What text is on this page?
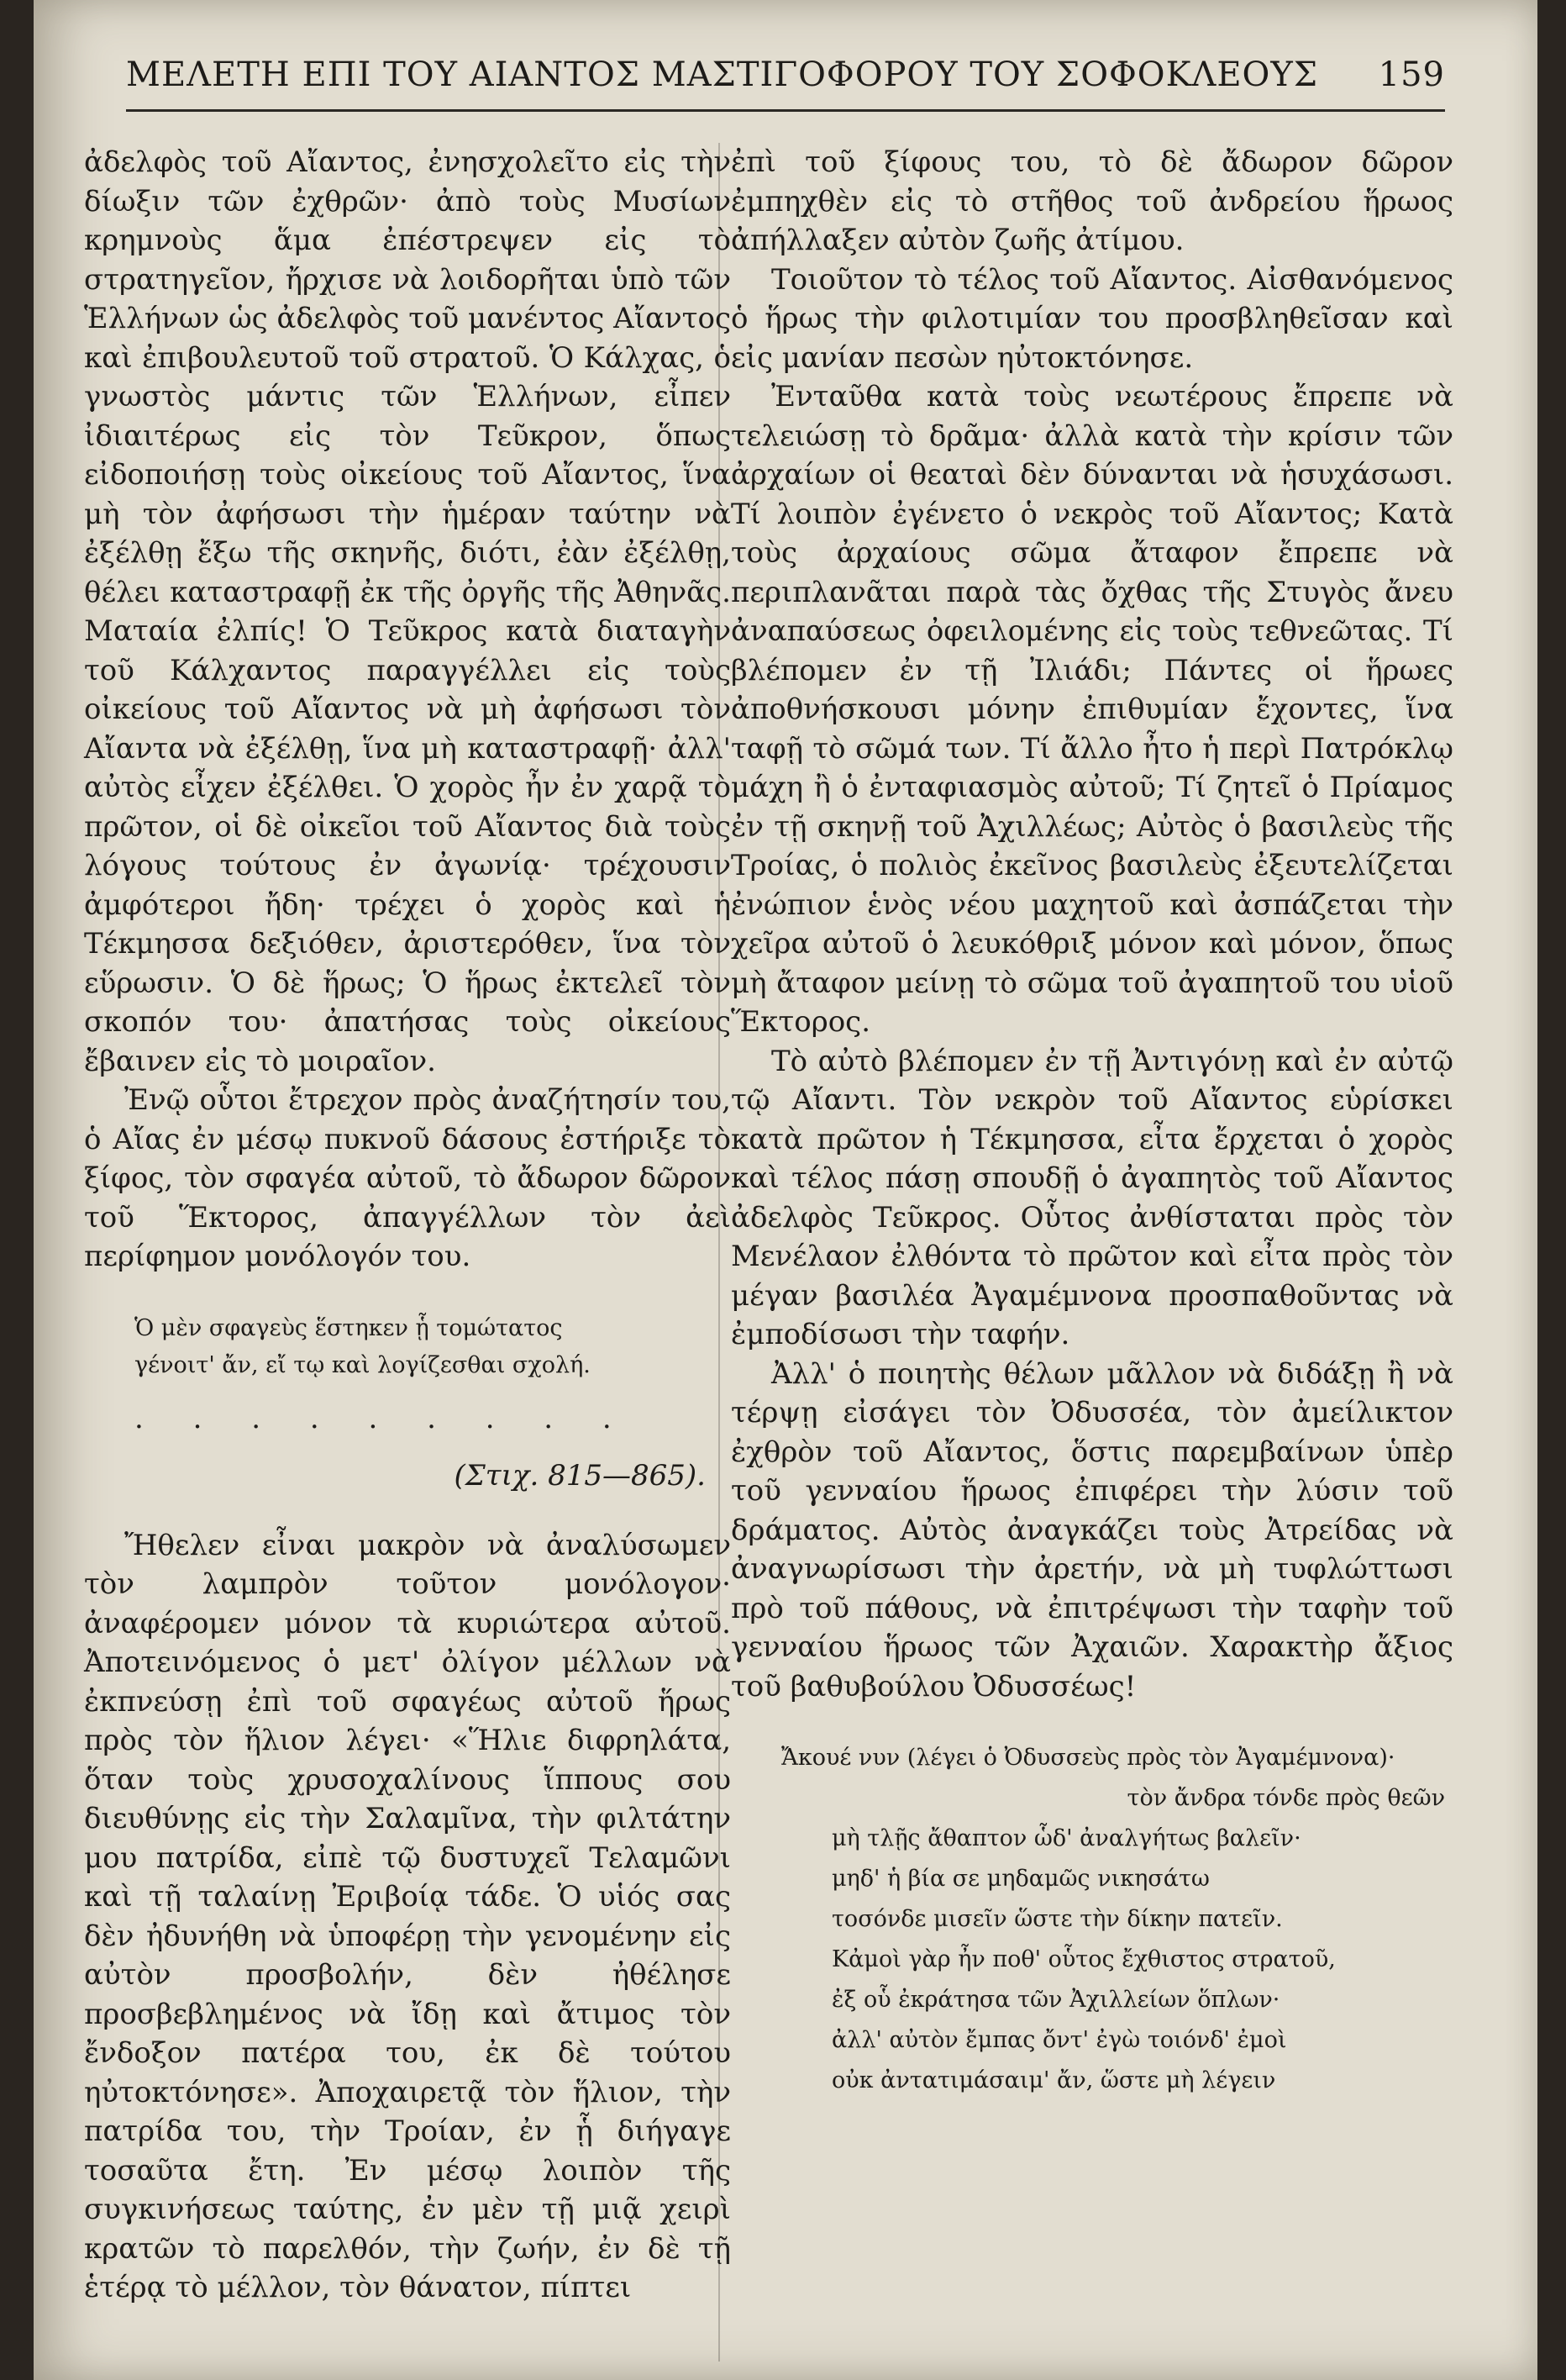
ΜΕΛΕΤΗ ΕΠΙ ΤΟΥ ΑΙΑΝΤΟΣ ΜΑΣΤΙΓΟΦΟΡΟΥ ΤΟΥ ΣΟΦΟΚΛΕΟΥΣ 159

ἀδελφὸς τοῦ Αἴαντος, ἐνησχολεῖτο εἰς τὴν δίωξιν τῶν ἐχθρῶν· ἀπὸ τοὺς Μυσίων κρημνοὺς ἅμα ἐπέστρεψεν εἰς τὸ στρατηγεῖον, ἤρχισε νὰ λοιδορῆται ὑπὸ τῶν Ἑλλήνων ὡς ἀδελφὸς τοῦ μανέντος Αἴαντος καὶ ἐπιβουλευτοῦ τοῦ στρατοῦ. Ὁ Κάλχας, ὁ γνωστὸς μάντις τῶν Ἑλλήνων, εἶπεν ἰδιαιτέρως εἰς τὸν Τεῦκρον, ὅπως εἰδοποιήσῃ τοὺς οἰκείους τοῦ Αἴαντος, ἵνα μὴ τὸν ἀφήσωσι τὴν ἡμέραν ταύτην νὰ ἐξέλθῃ ἔξω τῆς σκηνῆς, διότι, ἐὰν ἐξέλθῃ, θέλει καταστραφῇ ἐκ τῆς ὀργῆς τῆς Ἀθηνᾶς. Ματαία ἐλπίς! Ὁ Τεῦκρος κατὰ διαταγὴν τοῦ Κάλχαντος παραγγέλλει εἰς τοὺς οἰκείους τοῦ Αἴαντος νὰ μὴ ἀφήσωσι τὸν Αἴαντα νὰ ἐξέλθῃ, ἵνα μὴ καταστραφῇ· ἀλλ' αὐτὸς εἶχεν ἐξέλθει. Ὁ χορὸς ἦν ἐν χαρᾷ τὸ πρῶτον, οἱ δὲ οἰκεῖοι τοῦ Αἴαντος διὰ τοὺς λόγους τούτους ἐν ἀγωνίᾳ· τρέχουσιν ἀμφότεροι ἤδη· τρέχει ὁ χορὸς καὶ ἡ Τέκμησσα δεξιόθεν, ἀριστερόθεν, ἵνα τὸν εὕρωσιν. Ὁ δὲ ἥρως; Ὁ ἥρως ἐκτελεῖ τὸν σκοπόν του· ἀπατήσας τοὺς οἰκείους ἔβαινεν εἰς τὸ μοιραῖον.

Ἐνῷ οὗτοι ἔτρεχον πρὸς ἀναζήτησίν του, ὁ Αἴας ἐν μέσῳ πυκνοῦ δάσους ἐστήριξε τὸ ξίφος, τὸν σφαγέα αὐτοῦ, τὸ ἄδωρον δῶρον τοῦ Ἕκτορος, ἀπαγγέλλων τὸν ἀεὶ περίφημον μονόλογόν του.

Ὁ μὲν σφαγεὺς ἕστηκεν ᾗ τομώτατος
γένοιτ' ἄν, εἴ τῳ καὶ λογίζεσθαι σχολή.
. . . . . . . . .
(Στιχ. 815—865).

Ἤθελεν εἶναι μακρὸν νὰ ἀναλύσωμεν τὸν λαμπρὸν τοῦτον μονόλογον· ἀναφέρομεν μόνον τὰ κυριώτερα αὐτοῦ. Ἀποτεινόμενος ὁ μετ' ὀλίγον μέλλων νὰ ἐκπνεύσῃ ἐπὶ τοῦ σφαγέως αὐτοῦ ἥρως πρὸς τὸν ἥλιον λέγει· «Ἥλιε διφρηλάτα, ὅταν τοὺς χρυσοχαλίνους ἵππους σου διευθύνῃς εἰς τὴν Σαλαμῖνα, τὴν φιλτάτην μου πατρίδα, εἰπὲ τῷ δυστυχεῖ Τελαμῶνι καὶ τῇ ταλαίνῃ Ἐριβοίᾳ τάδε. Ὁ υἱός σας δὲν ἠδυνήθη νὰ ὑποφέρῃ τὴν γενομένην εἰς αὐτὸν προσβολήν, δὲν ἠθέλησε προσβεβλημένος νὰ ἴδῃ καὶ ἄτιμος τὸν ἔνδοξον πατέρα του, ἐκ δὲ τούτου ηὐτοκτόνησε». Ἀποχαιρετᾷ τὸν ἥλιον, τὴν πατρίδα του, τὴν Τροίαν, ἐν ᾗ διήγαγε τοσαῦτα ἔτη. Ἐν μέσῳ λοιπὸν τῆς συγκινήσεως ταύτης, ἐν μὲν τῇ μιᾷ χειρὶ κρατῶν τὸ παρελθόν, τὴν ζωήν, ἐν δὲ τῇ ἑτέρᾳ τὸ μέλλον, τὸν θάνατον, πίπτει

ἐπὶ τοῦ ξίφους του, τὸ δὲ ἄδωρον δῶρον ἐμπηχθὲν εἰς τὸ στῆθος τοῦ ἀνδρείου ἥρωος ἀπήλλαξεν αὐτὸν ζωῆς ἀτίμου.

Τοιοῦτον τὸ τέλος τοῦ Αἴαντος. Αἰσθανόμενος ὁ ἥρως τὴν φιλοτιμίαν του προσβληθεῖσαν καὶ εἰς μανίαν πεσὼν ηὐτοκτόνησε.

Ἐνταῦθα κατὰ τοὺς νεωτέρους ἔπρεπε νὰ τελειώσῃ τὸ δρᾶμα· ἀλλὰ κατὰ τὴν κρίσιν τῶν ἀρχαίων οἱ θεαταὶ δὲν δύνανται νὰ ἡσυχάσωσι. Τί λοιπὸν ἐγένετο ὁ νεκρὸς τοῦ Αἴαντος; Κατὰ τοὺς ἀρχαίους σῶμα ἄταφον ἔπρεπε νὰ περιπλανᾶται παρὰ τὰς ὄχθας τῆς Στυγὸς ἄνευ ἀναπαύσεως ὀφειλομένης εἰς τοὺς τεθνεῶτας. Τί βλέπομεν ἐν τῇ Ἰλιάδι; Πάντες οἱ ἥρωες ἀποθνήσκουσι μόνην ἐπιθυμίαν ἔχοντες, ἵνα ταφῇ τὸ σῶμά των. Τί ἄλλο ἦτο ἡ περὶ Πατρόκλῳ μάχη ἢ ὁ ἐνταφιασμὸς αὐτοῦ; Τί ζητεῖ ὁ Πρίαμος ἐν τῇ σκηνῇ τοῦ Ἀχιλλέως; Αὐτὸς ὁ βασιλεὺς τῆς Τροίας, ὁ πολιὸς ἐκεῖνος βασιλεὺς ἐξευτελίζεται ἐνώπιον ἑνὸς νέου μαχητοῦ καὶ ἀσπάζεται τὴν χεῖρα αὐτοῦ ὁ λευκόθριξ μόνον καὶ μόνον, ὅπως μὴ ἄταφον μείνῃ τὸ σῶμα τοῦ ἀγαπητοῦ του υἱοῦ Ἕκτορος.

Τὸ αὐτὸ βλέπομεν ἐν τῇ Ἀντιγόνῃ καὶ ἐν αὐτῷ τῷ Αἴαντι. Τὸν νεκρὸν τοῦ Αἴαντος εὑρίσκει κατὰ πρῶτον ἡ Τέκμησσα, εἶτα ἔρχεται ὁ χορὸς καὶ τέλος πάσῃ σπουδῇ ὁ ἀγαπητὸς τοῦ Αἴαντος ἀδελφὸς Τεῦκρος. Οὗτος ἀνθίσταται πρὸς τὸν Μενέλαον ἐλθόντα τὸ πρῶτον καὶ εἶτα πρὸς τὸν μέγαν βασιλέα Ἀγαμέμνονα προσπαθοῦντας νὰ ἐμποδίσωσι τὴν ταφήν.

Ἀλλ' ὁ ποιητὴς θέλων μᾶλλον νὰ διδάξῃ ἢ νὰ τέρψῃ εἰσάγει τὸν Ὀδυσσέα, τὸν ἀμείλικτον ἐχθρὸν τοῦ Αἴαντος, ὅστις παρεμβαίνων ὑπὲρ τοῦ γενναίου ἥρωος ἐπιφέρει τὴν λύσιν τοῦ δράματος. Αὐτὸς ἀναγκάζει τοὺς Ἀτρείδας νὰ ἀναγνωρίσωσι τὴν ἀρετήν, νὰ μὴ τυφλώττωσι πρὸ τοῦ πάθους, νὰ ἐπιτρέψωσι τὴν ταφὴν τοῦ γενναίου ἥρωος τῶν Ἀχαιῶν. Χαρακτὴρ ἄξιος τοῦ βαθυβούλου Ὀδυσσέως!

Ἄκουέ νυν (λέγει ὁ Ὀδυσσεὺς πρὸς τὸν Ἀγαμέμνονα)·
τὸν ἄνδρα τόνδε πρὸς θεῶν
μὴ τλῇς ἄθαπτον ὧδ' ἀναλγήτως βαλεῖν·
μηδ' ἡ βία σε μηδαμῶς νικησάτω
τοσόνδε μισεῖν ὥστε τὴν δίκην πατεῖν.
Κἀμοὶ γὰρ ἦν ποθ' οὗτος ἔχθιστος στρατοῦ,
ἐξ οὗ ἐκράτησα τῶν Ἀχιλλείων ὅπλων·
ἀλλ' αὐτὸν ἔμπας ὄντ' ἐγὼ τοιόνδ' ἐμοὶ
οὐκ ἀντατιμάσαιμ' ἄν, ὥστε μὴ λέγειν
